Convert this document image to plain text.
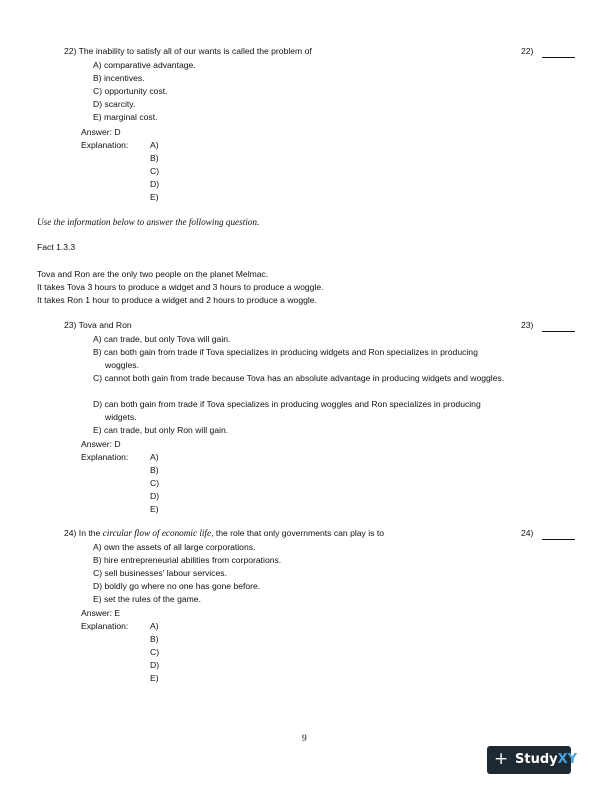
22) The inability to satisfy all of our wants is called the problem of	22)
A) comparative advantage.
B) incentives.
C) opportunity cost.
D) scarcity.
E) marginal cost.
Answer: D
Explanation:	A)
B)
C)
D)
E)
Use the information below to answer the following question.
Fact 1.3.3
Tova and Ron are the only two people on the planet Melmac.
It takes Tova 3 hours to produce a widget and 3 hours to produce a woggle.
It takes Ron 1 hour to produce a widget and 2 hours to produce a woggle.
23) Tova and Ron	23)
A) can trade, but only Tova will gain.
B) can both gain from trade if Tova specializes in producing widgets and Ron specializes in producing woggles.
C) cannot both gain from trade because Tova has an absolute advantage in producing widgets and woggles.
D) can both gain from trade if Tova specializes in producing woggles and Ron specializes in producing widgets.
E) can trade, but only Ron will gain.
Answer: D
Explanation:	A)
B)
C)
D)
E)
24) In the circular flow of economic life, the role that only governments can play is to	24)
A) own the assets of all large corporations.
B) hire entrepreneurial abilities from corporations.
C) sell businesses' labour services.
D) boldly go where no one has gone before.
E) set the rules of the game.
Answer: E
Explanation:	A)
B)
C)
D)
E)
9
+ StudyXY
